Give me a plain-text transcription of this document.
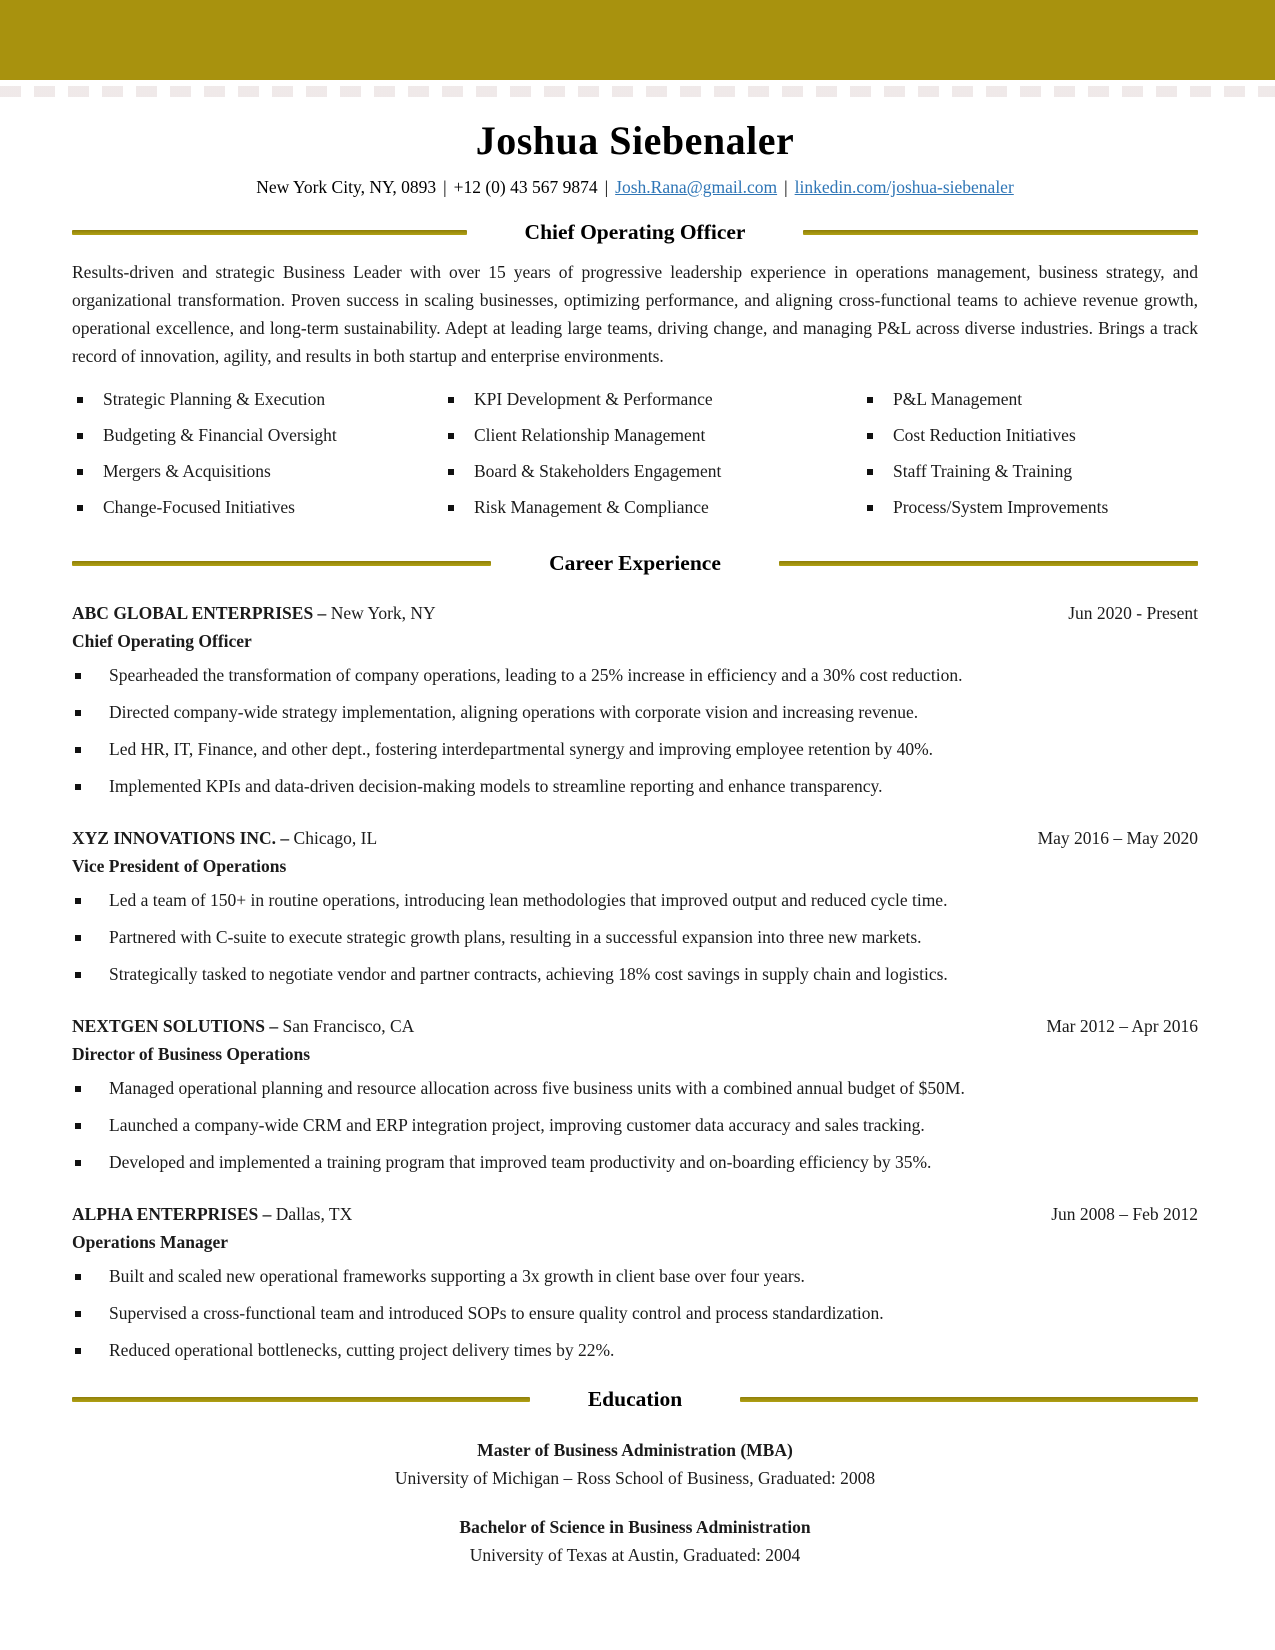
Joshua Siebenaler
New York City, NY, 0893 | +12 (0) 43 567 9874 | Josh.Rana@gmail.com | linkedin.com/joshua-siebenaler
Chief Operating Officer

Results-driven and strategic Business Leader with over 15 years of progressive leadership experience in operations management, business strategy, and organizational transformation. Proven success in scaling businesses, optimizing performance, and aligning cross-functional teams to achieve revenue growth, operational excellence, and long-term sustainability. Adept at leading large teams, driving change, and managing P&L across diverse industries. Brings a track record of innovation, agility, and results in both startup and enterprise environments.

Strategic Planning & Execution
Budgeting & Financial Oversight
Mergers & Acquisitions
Change-Focused Initiatives
KPI Development & Performance
Client Relationship Management
Board & Stakeholders Engagement
Risk Management & Compliance
P&L Management
Cost Reduction Initiatives
Staff Training & Training
Process/System Improvements
Career Experience
ABC GLOBAL ENTERPRISES – New York, NY	Jun 2020 - Present
Chief Operating Officer
Spearheaded the transformation of company operations, leading to a 25% increase in efficiency and a 30% cost reduction.
Directed company-wide strategy implementation, aligning operations with corporate vision and increasing revenue.
Led HR, IT, Finance, and other dept., fostering interdepartmental synergy and improving employee retention by 40%.
Implemented KPIs and data-driven decision-making models to streamline reporting and enhance transparency.
XYZ INNOVATIONS INC. – Chicago, IL	May 2016 – May 2020
Vice President of Operations
Led a team of 150+ in routine operations, introducing lean methodologies that improved output and reduced cycle time.
Partnered with C-suite to execute strategic growth plans, resulting in a successful expansion into three new markets.
Strategically tasked to negotiate vendor and partner contracts, achieving 18% cost savings in supply chain and logistics.
NEXTGEN SOLUTIONS – San Francisco, CA	Mar 2012 – Apr 2016
Director of Business Operations
Managed operational planning and resource allocation across five business units with a combined annual budget of $50M.
Launched a company-wide CRM and ERP integration project, improving customer data accuracy and sales tracking.
Developed and implemented a training program that improved team productivity and on-boarding efficiency by 35%.
ALPHA ENTERPRISES – Dallas, TX	Jun 2008 – Feb 2012
Operations Manager
Built and scaled new operational frameworks supporting a 3x growth in client base over four years.
Supervised a cross-functional team and introduced SOPs to ensure quality control and process standardization.
Reduced operational bottlenecks, cutting project delivery times by 22%.
Education
Master of Business Administration (MBA)
University of Michigan – Ross School of Business, Graduated: 2008
Bachelor of Science in Business Administration
University of Texas at Austin, Graduated: 2004
